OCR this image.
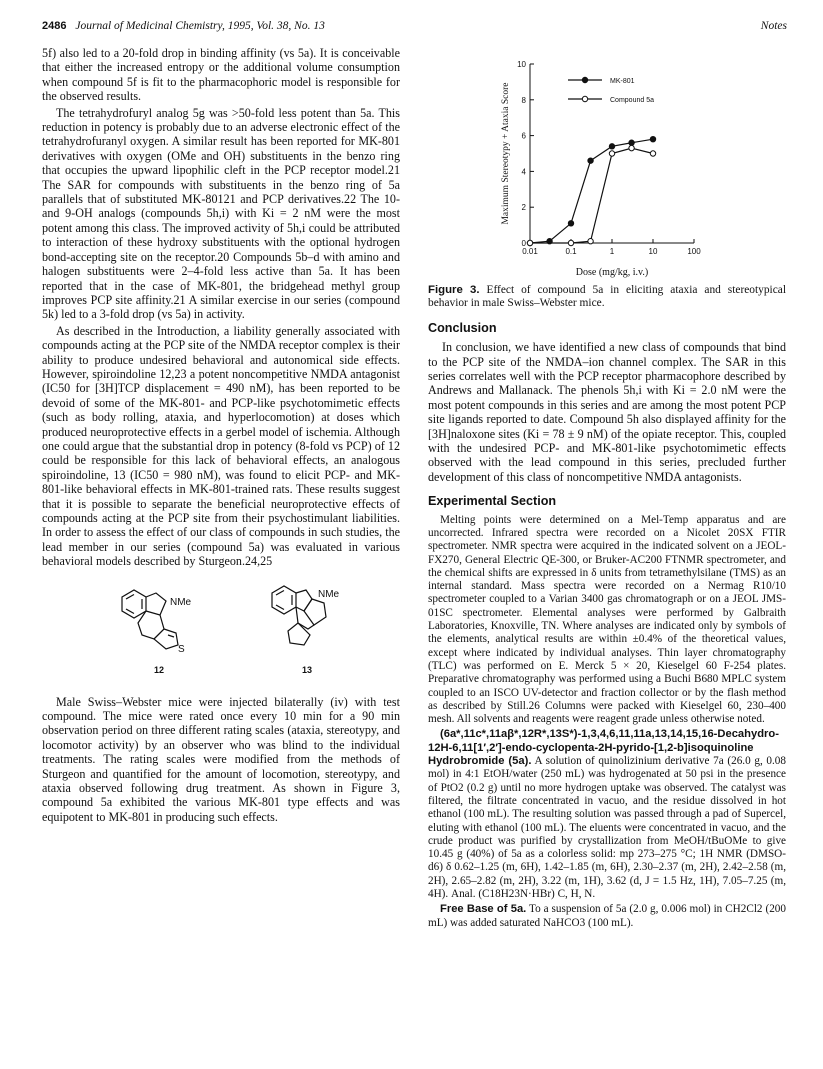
2486 Journal of Medicinal Chemistry, 1995, Vol. 38, No. 13	Notes

5f) also led to a 20-fold drop in binding affinity (vs 5a). It is conceivable that either the increased entropy or the additional volume consumption when compound 5f is fit to the pharmacophoric model is responsible for the observed results.

The tetrahydrofuryl analog 5g was >50-fold less potent than 5a. This reduction in potency is probably due to an adverse electronic effect of the tetrahydrofuranyl oxygen. A similar result has been reported for MK-801 derivatives with oxygen (OMe and OH) substituents in the benzo ring that occupies the upward lipophilic cleft in the PCP receptor model.21 The SAR for compounds with substituents in the benzo ring of 5a parallels that of substituted MK-80121 and PCP derivatives.22 The 10- and 9-OH analogs (compounds 5h,i) with Ki = 2 nM were the most potent among this class. The improved activity of 5h,i could be attributed to interaction of these hydroxy substituents with the optional hydrogen bond-accepting site on the receptor.20 Compounds 5b–d with amino and halogen substituents were 2–4-fold less active than 5a. It has been reported that in the case of MK-801, the bridgehead methyl group improves PCP site affinity.21 A similar exercise in our series (compound 5k) led to a 3-fold drop (vs 5a) in activity.

As described in the Introduction, a liability generally associated with compounds acting at the PCP site of the NMDA receptor complex is their ability to produce undesired behavioral and autonomical side effects. However, spiroindoline 12,23 a potent noncompetitive NMDA antagonist (IC50 for [3H]TCP displacement = 490 nM), has been reported to be devoid of some of the MK-801- and PCP-like psychotomimetic effects (such as body rolling, ataxia, and hyperlocomotion) at doses which produced neuroprotective effects in a gerbel model of ischemia. Although one could argue that the substantial drop in potency (8-fold vs PCP) of 12 could be responsible for this lack of behavioral effects, an analogous spiroindoline, 13 (IC50 = 980 nM), was found to elicit PCP- and MK-801-like behavioral effects in MK-801-trained rats. These results suggest that it is possible to separate the beneficial neuroprotective effects of compounds acting at the PCP site from their psychostimulant liabilities. In order to assess the effect of our class of compounds in such studies, the lead member in our series (compound 5a) was evaluated in various behavioral models described by Sturgeon.24,25

NMe
S
12
NMe
13

Male Swiss–Webster mice were injected bilaterally (iv) with test compound. The mice were rated once every 10 min for a 90 min observation period on three different rating scales (ataxia, stereotypy, and locomotor activity) by an observer who was blind to the individual treatments. The rating scales were modified from the methods of Sturgeon and quantified for the amount of locomotion, stereotypy, and ataxia observed following drug treatment. As shown in Figure 3, compound 5a exhibited the various MK-801 type effects and was equipotent to MK-801 in producing such effects.

0
2
4
6
8
10
0.01	0.1	1	10	100
Dose (mg/kg, i.v.)
Maximum Stereotypy + Ataxia Score
MK-801
Compound 5a
Figure 3. Effect of compound 5a in eliciting ataxia and stereotypical behavior in male Swiss–Webster mice.
Conclusion

In conclusion, we have identified a new class of compounds that bind to the PCP site of the NMDA–ion channel complex. The SAR in this series correlates well with the PCP receptor pharmacophore described by Andrews and Mallanack. The phenols 5h,i with Ki = 2.0 nM were the most potent compounds in this series and are among the most potent PCP site ligands reported to date. Compound 5h also displayed affinity for the [3H]naloxone sites (Ki = 78 ± 9 nM) of the opiate receptor. This, coupled with the undesired PCP- and MK-801-like psychotomimetic effects observed with the lead compound in this series, precluded further development of this class of noncompetitive NMDA antagonists.

Experimental Section

Melting points were determined on a Mel-Temp apparatus and are uncorrected. Infrared spectra were recorded on a Nicolet 20SX FTIR spectrometer. NMR spectra were acquired in the indicated solvent on a JEOL-FX270, General Electric QE-300, or Bruker-AC200 FTNMR spectrometer, and the chemical shifts are expressed in δ units from tetramethylsilane (TMS) as an internal standard. Mass spectra were recorded on a Nermag R10/10 spectrometer coupled to a Varian 3400 gas chromatograph or on a JEOL JMS-01SC spectrometer. Elemental analyses were performed by Galbraith Laboratories, Knoxville, TN. Where analyses are indicated only by symbols of the elements, analytical results are within ±0.4% of the theoretical values, except where indicated by individual analyses. Thin layer chromatography (TLC) was performed on E. Merck 5 × 20, Kieselgel 60 F-254 plates. Preparative chromatography was performed using a Buchi B680 MPLC system coupled to an ISCO UV-detector and fraction collector or by the flash method as described by Still.26 Columns were packed with Kieselgel 60, 230–400 mesh. All solvents and reagents were reagent grade unless otherwise noted.

(6a*,11c*,11aβ*,12R*,13S*)-1,3,4,6,11,11a,13,14,15,16-Decahydro-12H-6,11[1′,2′]-endo-cyclopenta-2H-pyrido-[1,2-b]isoquinoline Hydrobromide (5a). A solution of quinolizinium derivative 7a (26.0 g, 0.08 mol) in 4:1 EtOH/water (250 mL) was hydrogenated at 50 psi in the presence of PtO2 (0.2 g) until no more hydrogen uptake was observed. The catalyst was filtered, the filtrate concentrated in vacuo, and the residue dissolved in hot ethanol (100 mL). The resulting solution was passed through a pad of Supercel, eluting with ethanol (100 mL). The eluents were concentrated in vacuo, and the crude product was purified by crystallization from MeOH/tBuOMe to give 10.45 g (40%) of 5a as a colorless solid: mp 273–275 °C; 1H NMR (DMSO-d6) δ 0.62–1.25 (m, 6H), 1.42–1.85 (m, 6H), 2.30–2.37 (m, 2H), 2.42–2.58 (m, 2H), 2.65–2.82 (m, 2H), 3.22 (m, 1H), 3.62 (d, J = 1.5 Hz, 1H), 7.05–7.25 (m, 4H). Anal. (C18H23N·HBr) C, H, N.

Free Base of 5a. To a suspension of 5a (2.0 g, 0.006 mol) in CH2Cl2 (200 mL) was added saturated NaHCO3 (100 mL).
